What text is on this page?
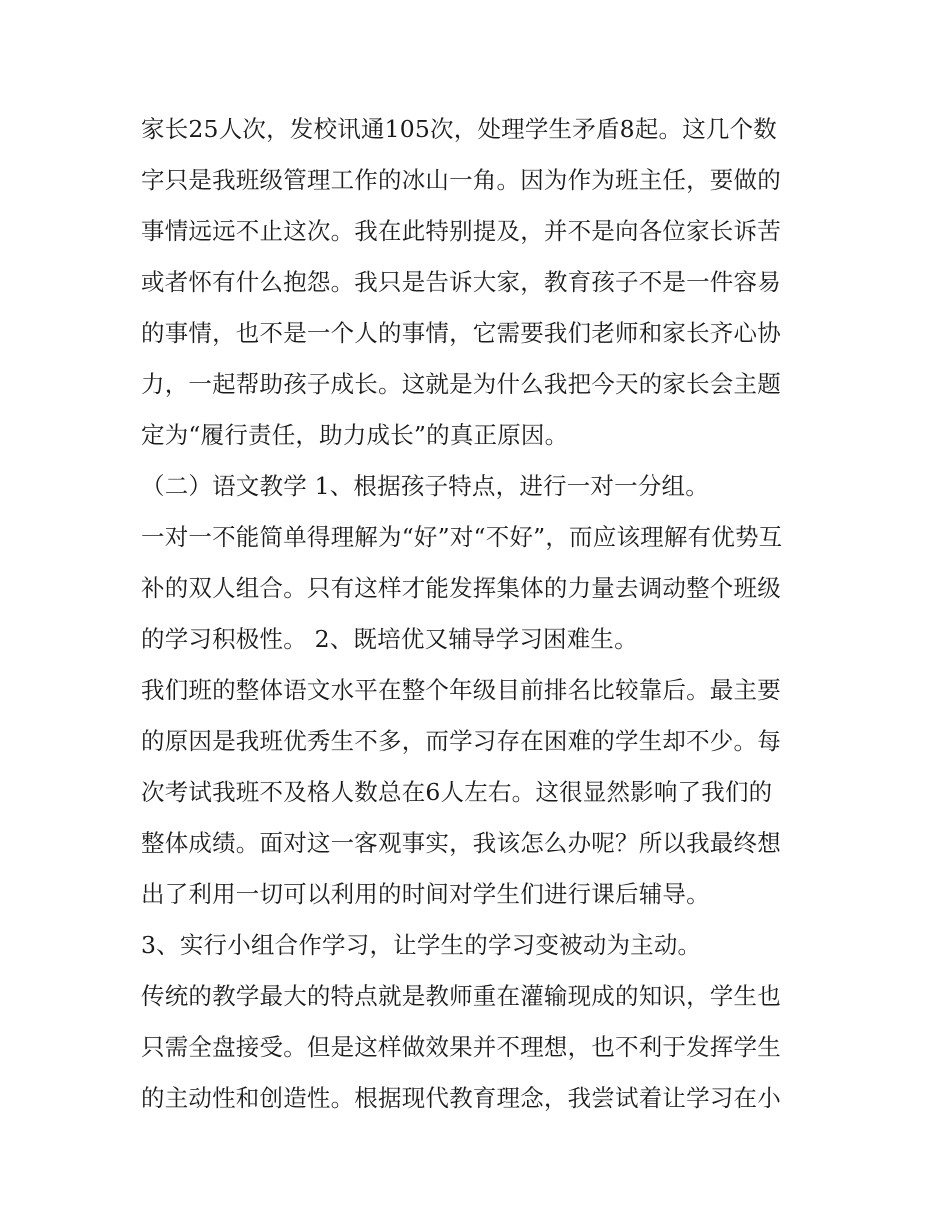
家长25人次，发校讯通105次，处理学生矛盾8起。这几个数
字只是我班级管理工作的冰山一角。因为作为班主任，要做的
事情远远不止这次。我在此特别提及，并不是向各位家长诉苦
或者怀有什么抱怨。我只是告诉大家，教育孩子不是一件容易
的事情，也不是一个人的事情，它需要我们老师和家长齐心协
力，一起帮助孩子成长。这就是为什么我把今天的家长会主题
定为“履行责任，助力成长”的真正原因。
（二）语文教学 1、根据孩子特点，进行一对一分组。
一对一不能简单得理解为“好”对“不好”，而应该理解有优势互
补的双人组合。只有这样才能发挥集体的力量去调动整个班级
的学习积极性。 2、既培优又辅导学习困难生。
我们班的整体语文水平在整个年级目前排名比较靠后。最主要
的原因是我班优秀生不多，而学习存在困难的学生却不少。每
次考试我班不及格人数总在6人左右。这很显然影响了我们的
整体成绩。面对这一客观事实，我该怎么办呢？所以我最终想
出了利用一切可以利用的时间对学生们进行课后辅导。
3、实行小组合作学习，让学生的学习变被动为主动。
传统的教学最大的特点就是教师重在灌输现成的知识，学生也
只需全盘接受。但是这样做效果并不理想，也不利于发挥学生
的主动性和创造性。根据现代教育理念，我尝试着让学习在小
